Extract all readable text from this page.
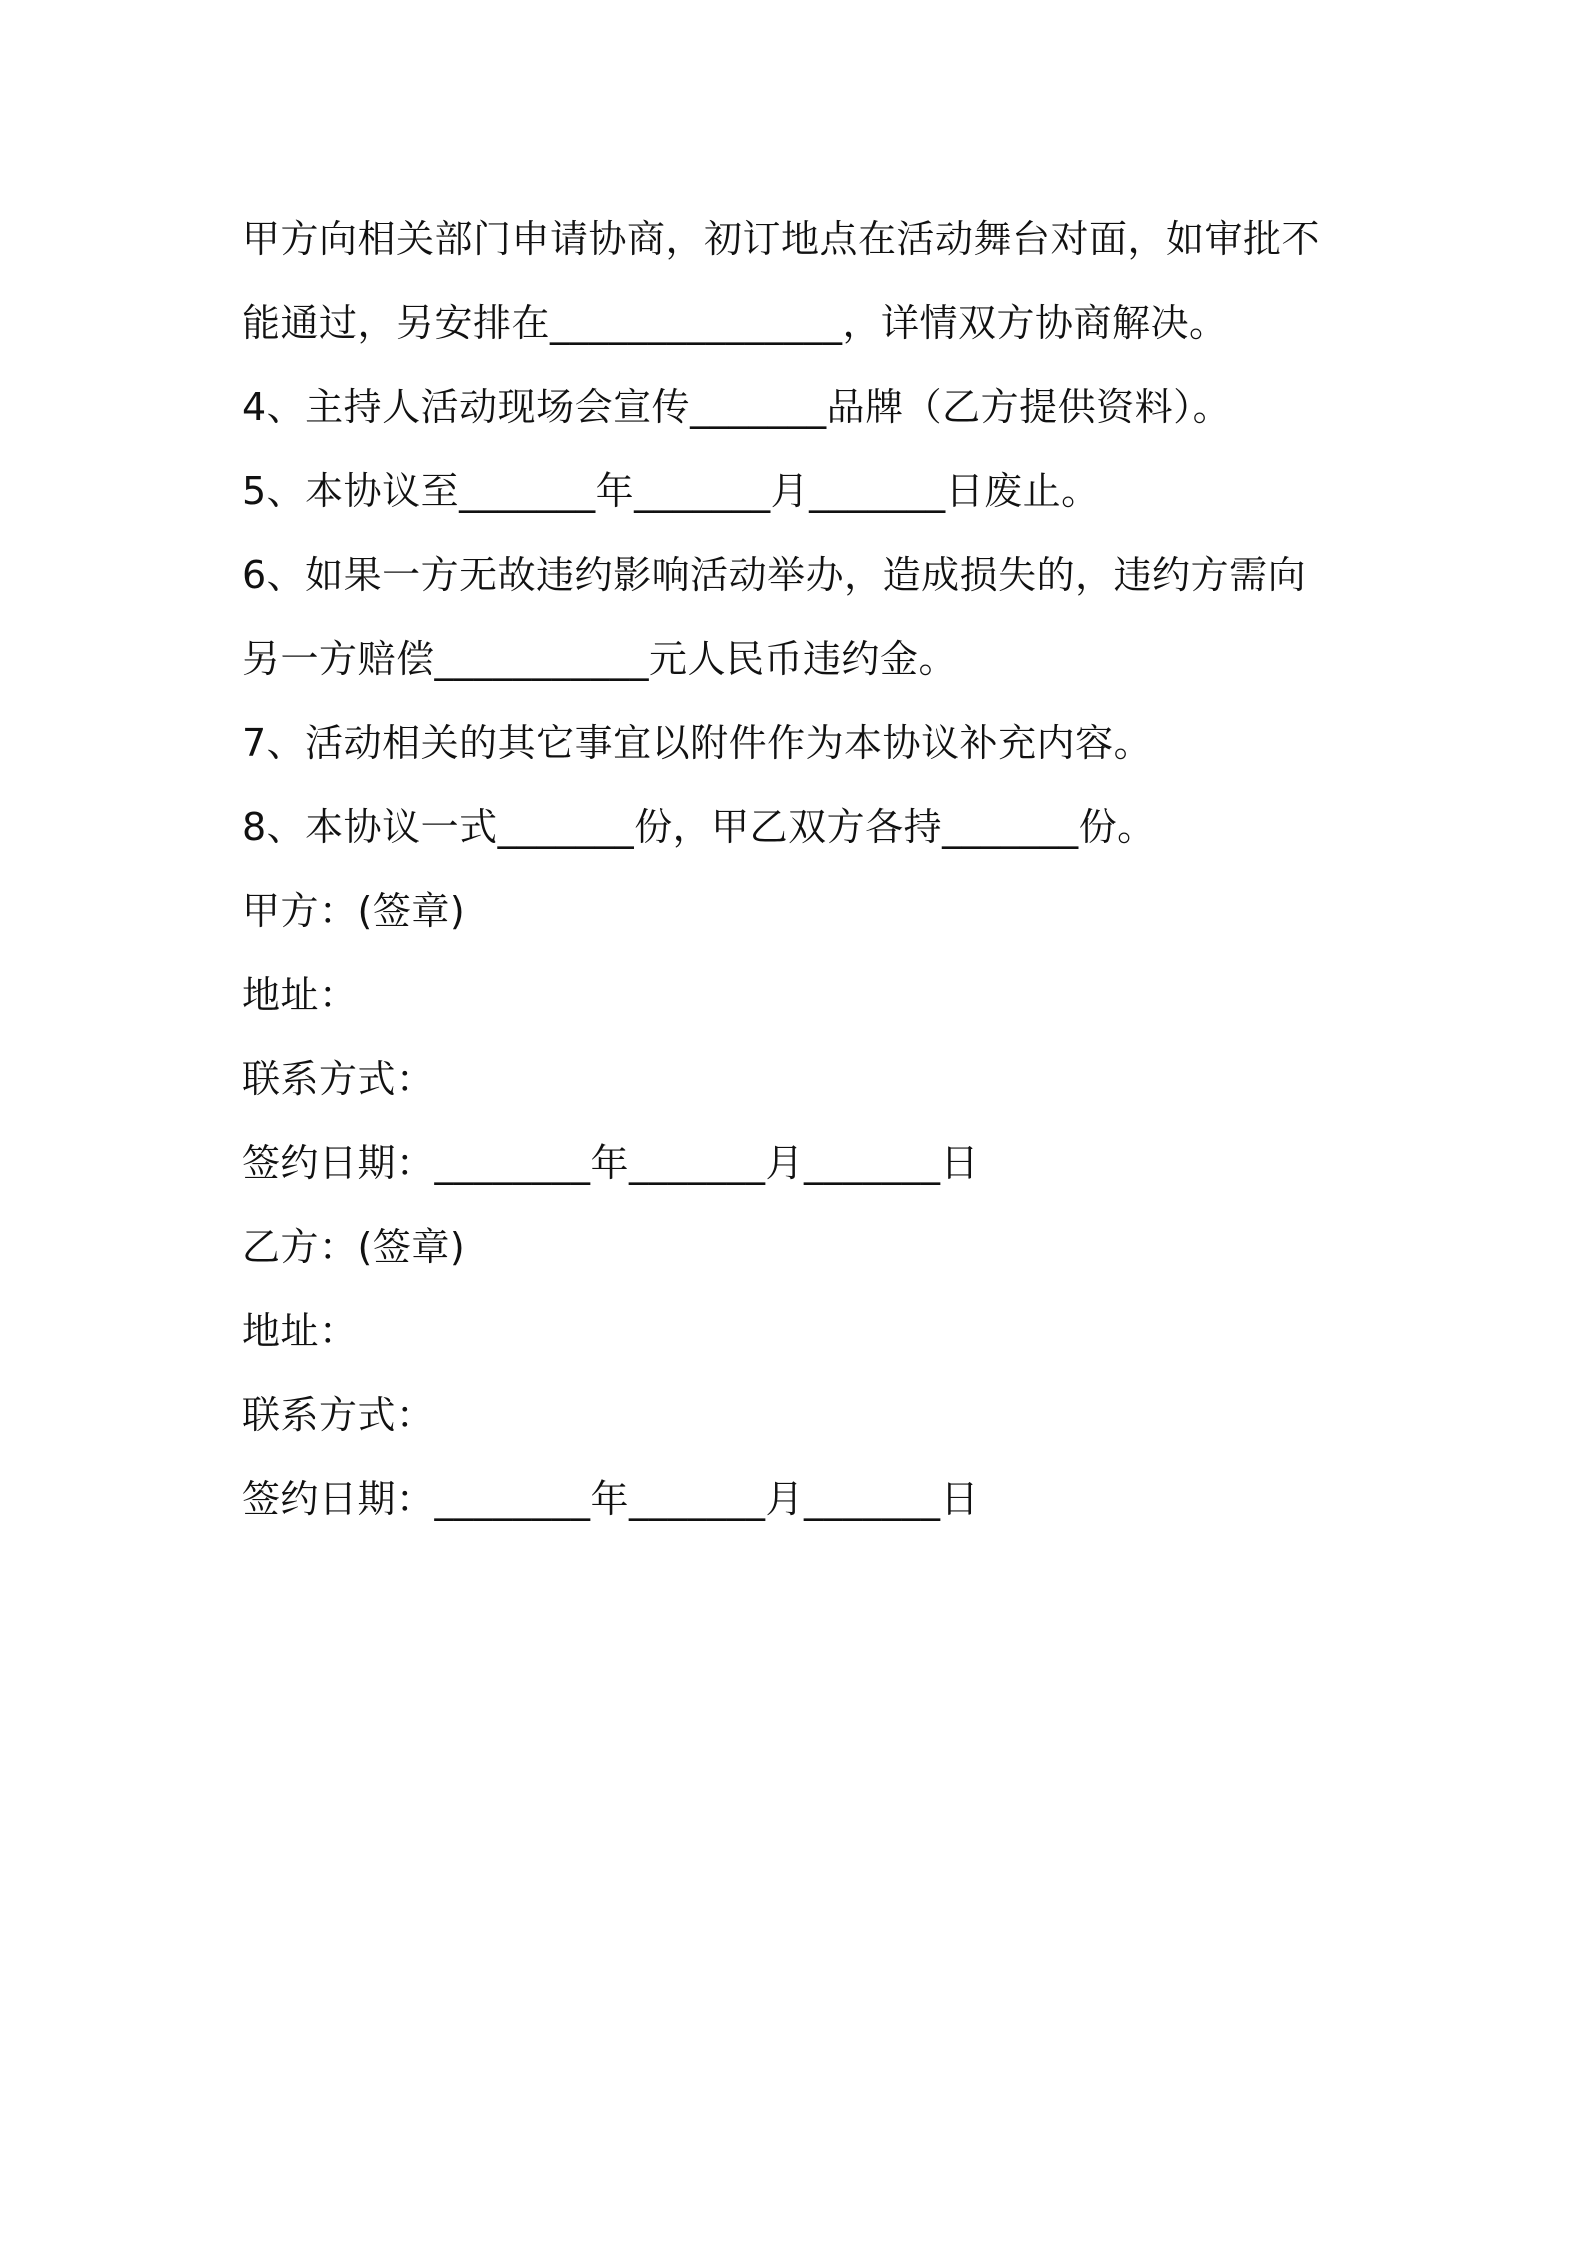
甲方向相关部门申请协商，初订地点在活动舞台对面，如审批不
能通过，另安排在_______________，详情双方协商解决。
4、主持人活动现场会宣传_______品牌（乙方提供资料）。
5、本协议至_______年_______月_______日废止。
6、如果一方无故违约影响活动举办，造成损失的，违约方需向
另一方赔偿___________元人民币违约金。
7、活动相关的其它事宜以附件作为本协议补充内容。
8、本协议一式_______份，甲乙双方各持_______份。
甲方：(签章)
地址：
联系方式：
签约日期：________年_______月_______日
乙方：(签章)
地址：
联系方式：
签约日期：________年_______月_______日
